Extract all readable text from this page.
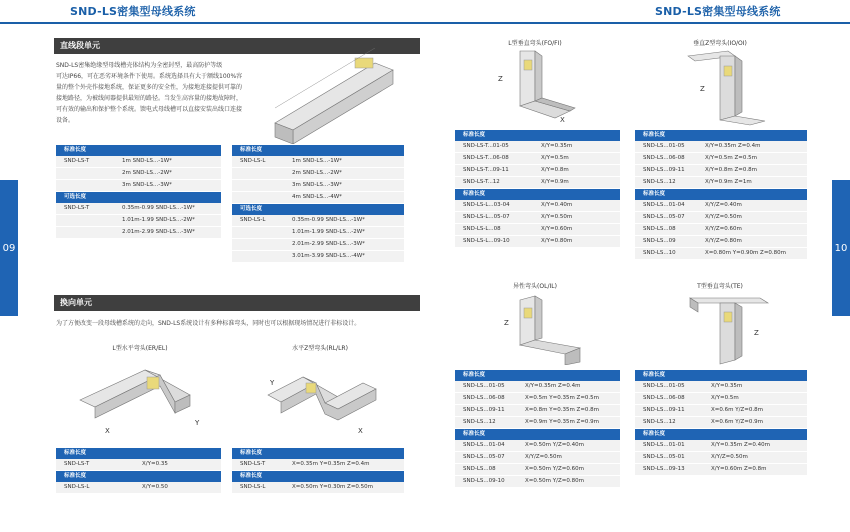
SND-LS密集型母线系统
09
直线段单元
SND-LS密集绝缘型母线槽壳体结构为全密封型，最高防护等级
可达IP66，可在恶劣环境条件下使用。系统选择具有大于额线100%容
量的整个外壳作接地系统，保证更多的安全性，为接地连接提供可靠的
接地路径，为被线间器提供最短的路径。当发生高容量的接地故障时，
可有效的输出和保护整个系统。馈电式母线槽可以直接安装出线口连接
设备。
标准长度
SND-LS-T	1m SND-LS...-1W*
2m SND-LS...-2W*
3m SND-LS...-3W*
可选长度
SND-LS-T	0.35m-0.99 SND-LS...-1W*
1.01m-1.99 SND-LS...-2W*
2.01m-2.99 SND-LS...-3W*
标准长度
SND-LS-L	1m SND-LS...-1W*
2m SND-LS...-2W*
3m SND-LS...-3W*
4m SND-LS...-4W*
可选长度
SND-LS-L	0.35m-0.99 SND-LS...-1W*
1.01m-1.99 SND-LS...-2W*
2.01m-2.99 SND-LS...-3W*
3.01m-3.99 SND-LS...-4W*
换向单元
为了方便改变一段母线槽系统的走向，SND-LS系统设计有多种标准弯头，同时也可以根据现场情况进行非标设计。
L型水平弯头(ER/EL)	水平Z型弯头(RL/LR)
X
Y
Y
X
标准长度
SND-LS-T	X/Y=0.35
标准长度
SND-LS-L	X/Y=0.50
标准长度
SND-LS-T	X=0.35m Y=0.35m Z=0.4m
标准长度
SND-LS-L	X=0.50m Y=0.30m Z=0.50m
SND-LS密集型母线系统
10
L型垂直弯头(FO/FI)	垂直Z型弯头(IO/OI)
Z
X
Z
标准长度
SND-LS-T...01-05	X/Y=0.35m
SND-LS-T...06-08	X/Y=0.5m
SND-LS-T...09-11	X/Y=0.8m
SND-LS-T...12	X/Y=0.9m
标准长度
SND-LS-L...03-04	X/Y=0.40m
SND-LS-L...05-07	X/Y=0.50m
SND-LS-L...08	X/Y=0.60m
SND-LS-L...09-10	X/Y=0.80m
标准长度
SND-LS...01-05	X/Y=0.35m Z=0.4m
SND-LS...06-08	X/Y=0.5m Z=0.5m
SND-LS...09-11	X/Y=0.8m Z=0.8m
SND-LS...12	X/Y=0.9m Z=1m
标准长度
SND-LS...01-04	X/Y/Z=0.40m
SND-LS...05-07	X/Y/Z=0.50m
SND-LS...08	X/Y/Z=0.60m
SND-LS...09	X/Y/Z=0.80m
SND-LS...10	X=0.80m Y=0.90m Z=0.80m
异性弯头(OL/IL)	T型垂直弯头(TE)
Z
Z
标准长度
SND-LS...01-05	X/Y=0.35m Z=0.4m
SND-LS...06-08	X=0.5m Y=0.35m Z=0.5m
SND-LS...09-11	X=0.8m Y=0.35m Z=0.8m
SND-LS...12	X=0.9m Y=0.35m Z=0.9m
标准长度
SND-LS...01-04	X=0.50m Y/Z=0.40m
SND-LS...05-07	X/Y/Z=0.50m
SND-LS...08	X=0.50m Y/Z=0.60m
SND-LS...09-10	X=0.50m Y/Z=0.80m
标准长度
SND-LS...01-05	X/Y=0.35m
SND-LS...06-08	X/Y=0.5m
SND-LS...09-11	X=0.6m Y/Z=0.8m
SND-LS...12	X=0.6m Y/Z=0.9m
标准长度
SND-LS...01-01	X/Y=0.35m Z=0.40m
SND-LS...05-01	X/Y/Z=0.50m
SND-LS...09-13	X/Y=0.60m Z=0.8m
